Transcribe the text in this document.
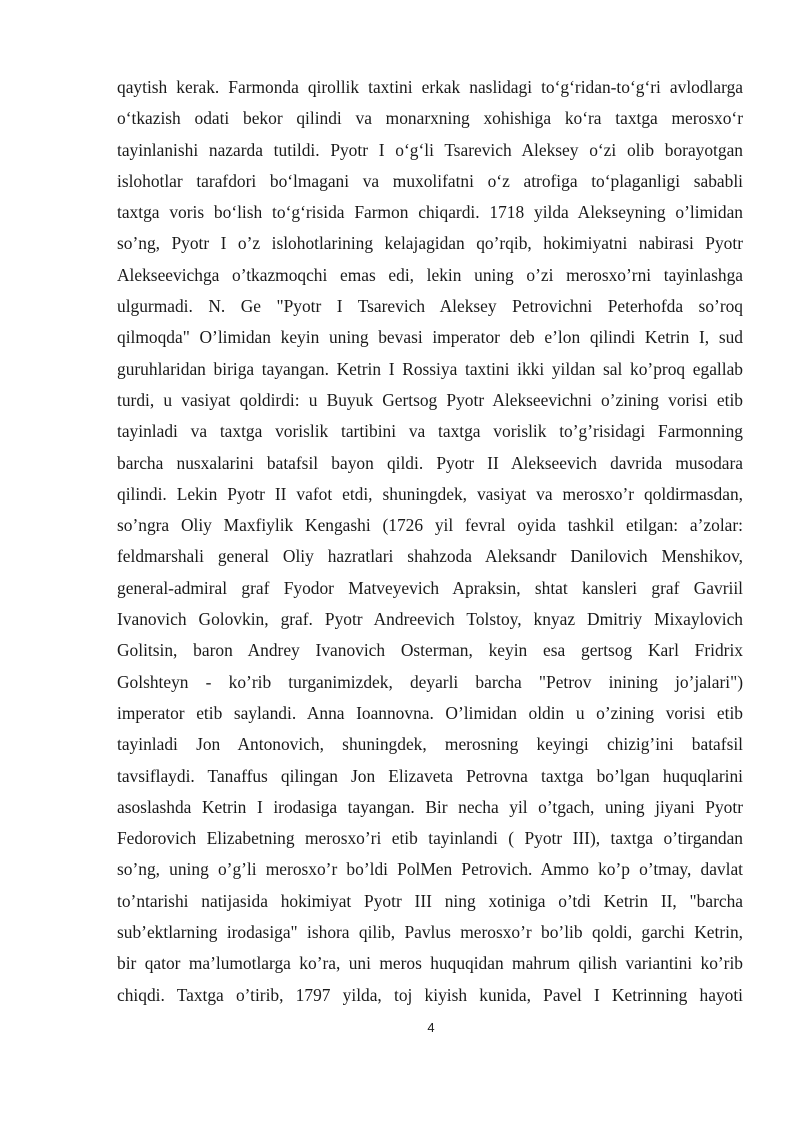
qaytish kerak. Farmonda qirollik taxtini erkak naslidagi to‘g‘ridan-to‘g‘ri avlodlarga
o‘tkazish odati bekor qilindi va monarxning xohishiga ko‘ra taxtga merosxo‘r
tayinlanishi nazarda tutildi. Pyotr I o‘g‘li Tsarevich Aleksey o‘zi olib borayotgan
islohotlar tarafdori bo‘lmagani va muxolifatni o‘z atrofiga to‘plaganligi sababli
taxtga voris bo‘lish to‘g‘risida Farmon chiqardi. 1718 yilda Alekseyning o’limidan
so’ng, Pyotr I o’z islohotlarining kelajagidan qo’rqib, hokimiyatni nabirasi Pyotr
Alekseevichga o’tkazmoqchi emas edi, lekin uning o’zi merosxo’rni tayinlashga
ulgurmadi. N. Ge "Pyotr I Tsarevich Aleksey Petrovichni Peterhofda so’roq
qilmoqda" O’limidan keyin uning bevasi imperator deb e’lon qilindi Ketrin I, sud
guruhlaridan biriga tayangan. Ketrin I Rossiya taxtini ikki yildan sal ko’proq egallab
turdi, u vasiyat qoldirdi: u Buyuk Gertsog Pyotr Alekseevichni o’zining vorisi etib
tayinladi va taxtga vorislik tartibini va taxtga vorislik to’g’risidagi Farmonning
barcha nusxalarini batafsil bayon qildi. Pyotr II Alekseevich davrida musodara
qilindi. Lekin Pyotr II vafot etdi, shuningdek, vasiyat va merosxo’r qoldirmasdan,
so’ngra Oliy Maxfiylik Kengashi (1726 yil fevral oyida tashkil etilgan: a’zolar:
feldmarshali general Oliy hazratlari shahzoda Aleksandr Danilovich Menshikov,
general-admiral graf Fyodor Matveyevich Apraksin, shtat kansleri graf Gavriil
Ivanovich Golovkin, graf. Pyotr Andreevich Tolstoy, knyaz Dmitriy Mixaylovich
Golitsin, baron Andrey Ivanovich Osterman, keyin esa gertsog Karl Fridrix
Golshteyn - ko’rib turganimizdek, deyarli barcha "Petrov inining jo’jalari")
imperator etib saylandi. Anna Ioannovna. O’limidan oldin u o’zining vorisi etib
tayinladi Jon Antonovich, shuningdek, merosning keyingi chizig’ini batafsil
tavsiflaydi. Tanaffus qilingan Jon Elizaveta Petrovna taxtga bo’lgan huquqlarini
asoslashda Ketrin I irodasiga tayangan. Bir necha yil o’tgach, uning jiyani Pyotr
Fedorovich Elizabetning merosxo’ri etib tayinlandi ( Pyotr III), taxtga o’tirgandan
so’ng, uning o’g’li merosxo’r bo’ldi PolMen Petrovich. Ammo ko’p o’tmay, davlat
to’ntarishi natijasida hokimiyat Pyotr III ning xotiniga o’tdi Ketrin II, "barcha
sub’ektlarning irodasiga" ishora qilib, Pavlus merosxo’r bo’lib qoldi, garchi Ketrin,
bir qator ma’lumotlarga ko’ra, uni meros huquqidan mahrum qilish variantini ko’rib
chiqdi. Taxtga o’tirib, 1797 yilda, toj kiyish kunida, Pavel I Ketrinning hayoti
4
